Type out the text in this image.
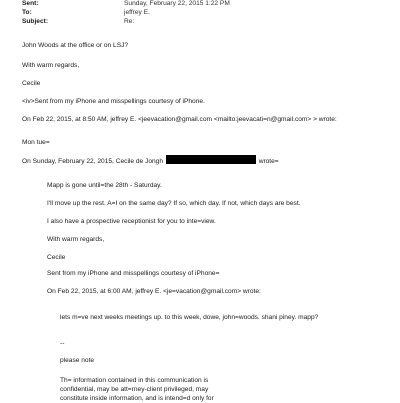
Sent:	Sunday, February 22, 2015 1:22 PM
To:	jeffrey E.
Subject:	Re:
John Woods at the office or on LSJ?
With warm regards,
Cecile
<iv>Sent from my iPhone and misspellings courtesy of iPhone.
On Feb 22, 2015, at 8:50 AM, jeffrey E. <jeevacation@gmail.com <mailto:jeevacati=n@gmail.com> > wrote:
Mon tue=
On Sunday, February 22, 2015, Cecile de Jongh	wrote=
Mapp is gone until=the 28th - Saturday.
I'll move up the rest. A=I on the same day? If so, which day. If not, which days are best.
I also have a prospective receptionist for you to inte=view.
With warm regards,
Cecile
Sent from my iPhone and misspellings courtesy of iPhone=
On Feb 22, 2015, at 6:00 AM, jeffrey E. <je=vacation@gmail.com> wrote:
lets m=ve next weeks meetings up. to this week, dowe, john=woods. shani piney. mapp?
--
please note
Th= information contained in this communication is
confidential, may be att=rney-client privileged, may
constitute inside information, and is intend=d only for
